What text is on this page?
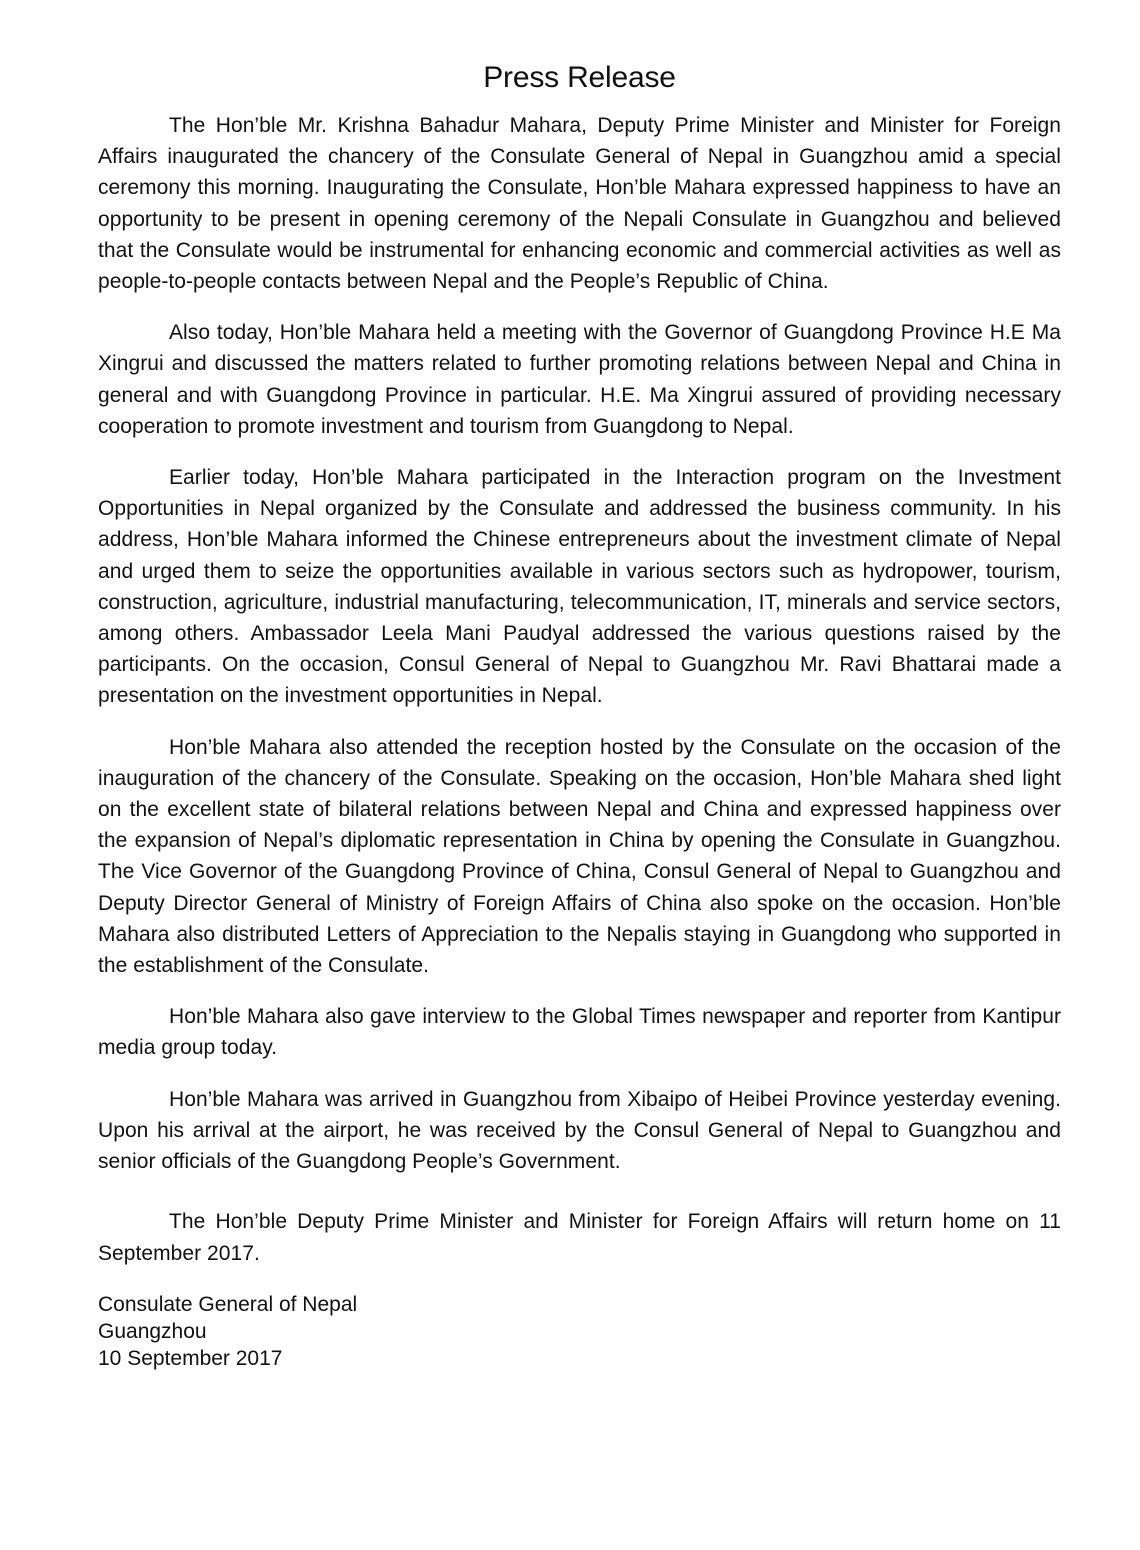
Press Release

The Hon’ble Mr. Krishna Bahadur Mahara, Deputy Prime Minister and Minister for Foreign Affairs inaugurated the chancery of the Consulate General of Nepal in Guangzhou amid a special ceremony this morning. Inaugurating the Consulate, Hon’ble Mahara expressed happiness to have an opportunity to be present in opening ceremony of the Nepali Consulate in Guangzhou and believed that the Consulate would be instrumental for enhancing economic and commercial activities as well as people-to-people contacts between Nepal and the People’s Republic of China.

Also today, Hon’ble Mahara held a meeting with the Governor of Guangdong Province H.E Ma Xingrui and discussed the matters related to further promoting relations between Nepal and China in general and with Guangdong Province in particular. H.E. Ma Xingrui assured of providing necessary cooperation to promote investment and tourism from Guangdong to Nepal.

Earlier today, Hon’ble Mahara participated in the Interaction program on the Investment Opportunities in Nepal organized by the Consulate and addressed the business community. In his address, Hon’ble Mahara informed the Chinese entrepreneurs about the investment climate of Nepal and urged them to seize the opportunities available in various sectors such as hydropower, tourism, construction, agriculture, industrial manufacturing, telecommunication, IT, minerals and service sectors, among others. Ambassador Leela Mani Paudyal addressed the various questions raised by the participants. On the occasion, Consul General of Nepal to Guangzhou Mr. Ravi Bhattarai made a presentation on the investment opportunities in Nepal.

Hon’ble Mahara also attended the reception hosted by the Consulate on the occasion of the inauguration of the chancery of the Consulate. Speaking on the occasion, Hon’ble Mahara shed light on the excellent state of bilateral relations between Nepal and China and expressed happiness over the expansion of Nepal’s diplomatic representation in China by opening the Consulate in Guangzhou. The Vice Governor of the Guangdong Province of China, Consul General of Nepal to Guangzhou and Deputy Director General of Ministry of Foreign Affairs of China also spoke on the occasion. Hon’ble Mahara also distributed Letters of Appreciation to the Nepalis staying in Guangdong who supported in the establishment of the Consulate.

Hon’ble Mahara also gave interview to the Global Times newspaper and reporter from Kantipur media group today.

Hon’ble Mahara was arrived in Guangzhou from Xibaipo of Heibei Province yesterday evening. Upon his arrival at the airport, he was received by the Consul General of Nepal to Guangzhou and senior officials of the Guangdong People’s Government.

The Hon’ble Deputy Prime Minister and Minister for Foreign Affairs will return home on 11 September 2017.

Consulate General of Nepal
Guangzhou
10 September 2017
